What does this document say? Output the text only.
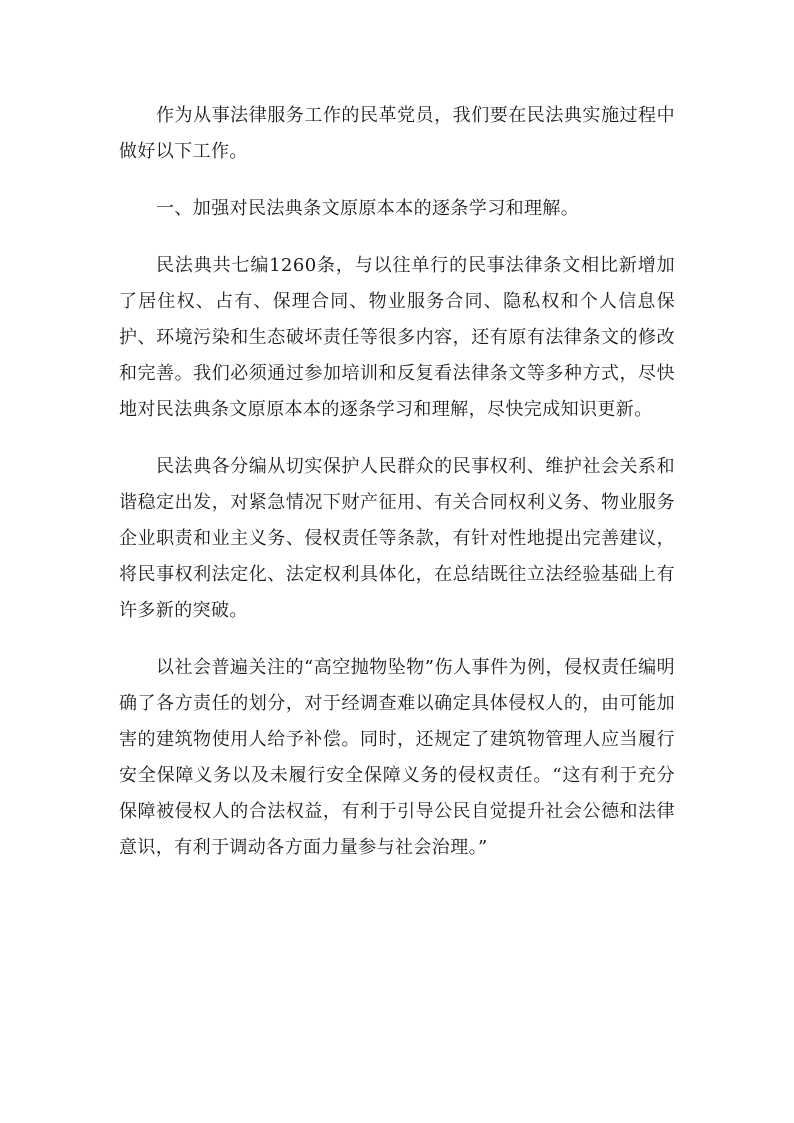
作为从事法律服务工作的民革党员，我们要在民法典实施过程中做好以下工作。

一、加强对民法典条文原原本本的逐条学习和理解。

民法典共七编1260条，与以往单行的民事法律条文相比新增加了居住权、占有、保理合同、物业服务合同、隐私权和个人信息保护、环境污染和生态破坏责任等很多内容，还有原有法律条文的修改和完善。我们必须通过参加培训和反复看法律条文等多种方式，尽快地对民法典条文原原本本的逐条学习和理解，尽快完成知识更新。

民法典各分编从切实保护人民群众的民事权利、维护社会关系和谐稳定出发，对紧急情况下财产征用、有关合同权利义务、物业服务企业职责和业主义务、侵权责任等条款，有针对性地提出完善建议，将民事权利法定化、法定权利具体化，在总结既往立法经验基础上有许多新的突破。

以社会普遍关注的“高空抛物坠物”伤人事件为例，侵权责任编明确了各方责任的划分，对于经调查难以确定具体侵权人的，由可能加害的建筑物使用人给予补偿。同时，还规定了建筑物管理人应当履行安全保障义务以及未履行安全保障义务的侵权责任。“这有利于充分保障被侵权人的合法权益，有利于引导公民自觉提升社会公德和法律意识，有利于调动各方面力量参与社会治理。”
